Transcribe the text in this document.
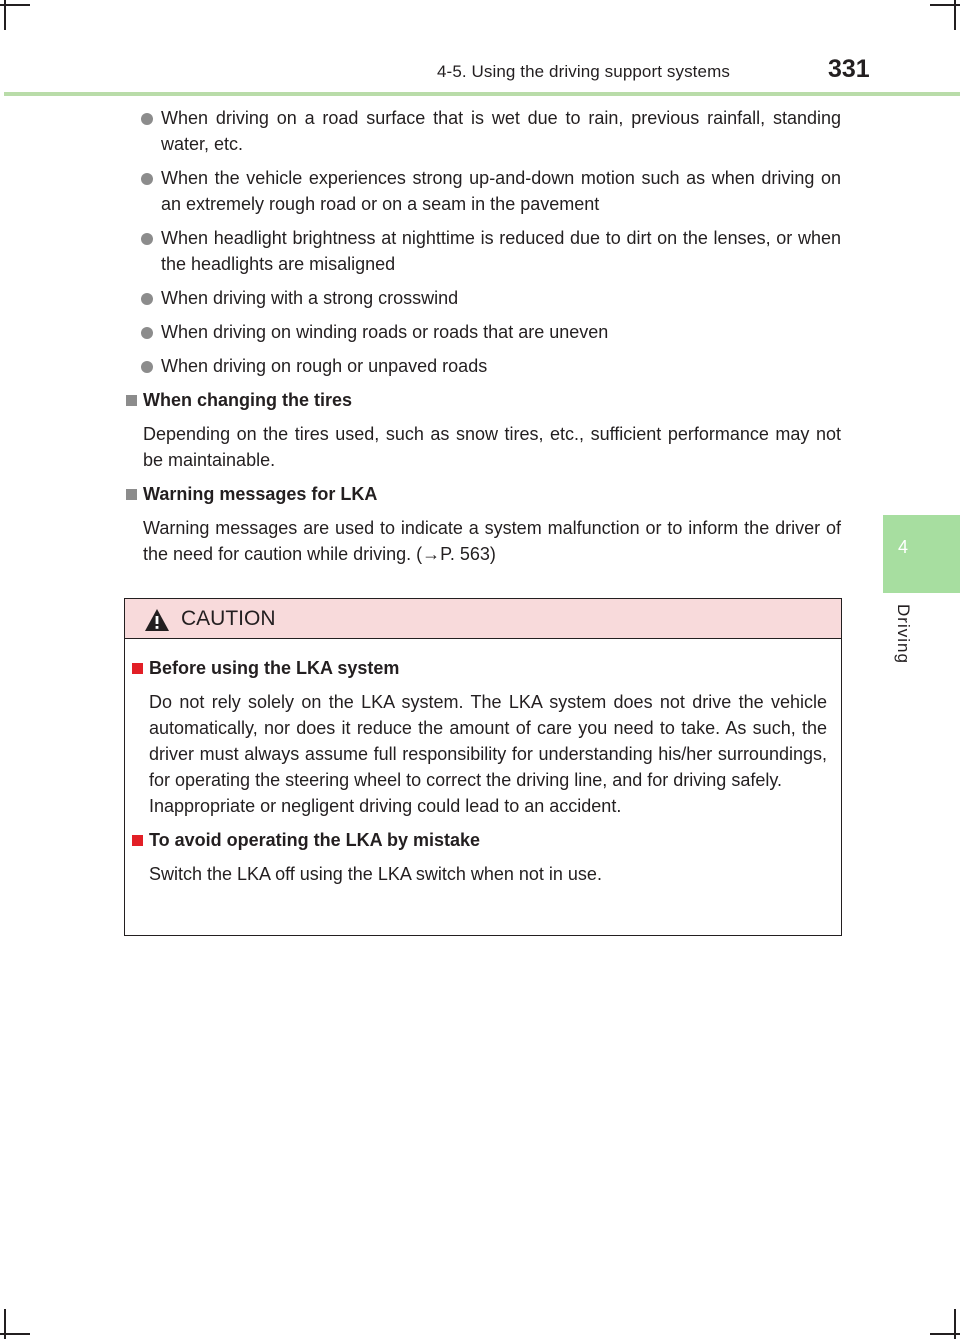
4-5. Using the driving support systems	331
4
Driving
When driving on a road surface that is wet due to rain, previous rainfall, standing water, etc.
When the vehicle experiences strong up-and-down motion such as when driving on an extremely rough road or on a seam in the pavement
When headlight brightness at nighttime is reduced due to dirt on the lenses, or when the headlights are misaligned
When driving with a strong crosswind
When driving on winding roads or roads that are uneven
When driving on rough or unpaved roads
When changing the tires
Depending on the tires used, such as snow tires, etc., sufficient performance may not be maintainable.
Warning messages for LKA
Warning messages are used to indicate a system malfunction or to inform the driver of the need for caution while driving. (→P. 563)
CAUTION
Before using the LKA system
Do not rely solely on the LKA system. The LKA system does not drive the vehicle automatically, nor does it reduce the amount of care you need to take. As such, the driver must always assume full responsibility for understanding his/her surroundings, for operating the steering wheel to correct the driving line, and for driving safely.
Inappropriate or negligent driving could lead to an accident.
To avoid operating the LKA by mistake
Switch the LKA off using the LKA switch when not in use.
